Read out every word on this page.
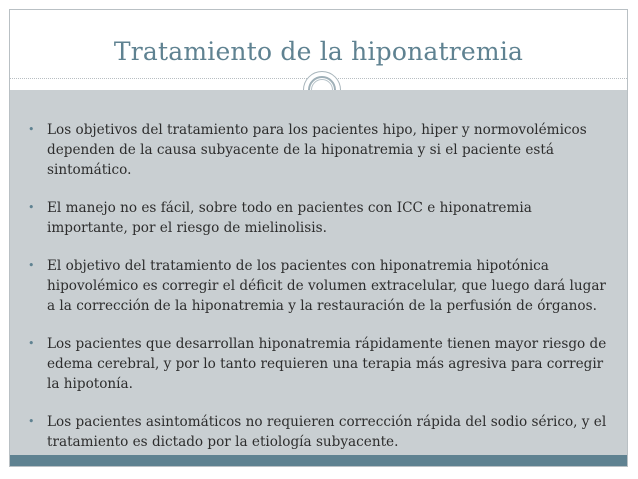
Tratamiento de la hiponatremia
• Los objetivos del tratamiento para los pacientes hipo, hiper y normovolémicos dependen de la causa subyacente de la hiponatremia y si el paciente está sintomático.
• El manejo no es fácil, sobre todo en pacientes con ICC e hiponatremia importante, por el riesgo de mielinolisis.
• El objetivo del tratamiento de los pacientes con hiponatremia hipotónica hipovolémico es corregir el déficit de volumen extracelular, que luego dará lugar a la corrección de la hiponatremia y la restauración de la perfusión de órganos.
• Los pacientes que desarrollan hiponatremia rápidamente tienen mayor riesgo de edema cerebral, y por lo tanto requieren una terapia más agresiva para corregir la hipotonía.
• Los pacientes asintomáticos no requieren corrección rápida del sodio sérico, y el tratamiento es dictado por la etiología subyacente.
